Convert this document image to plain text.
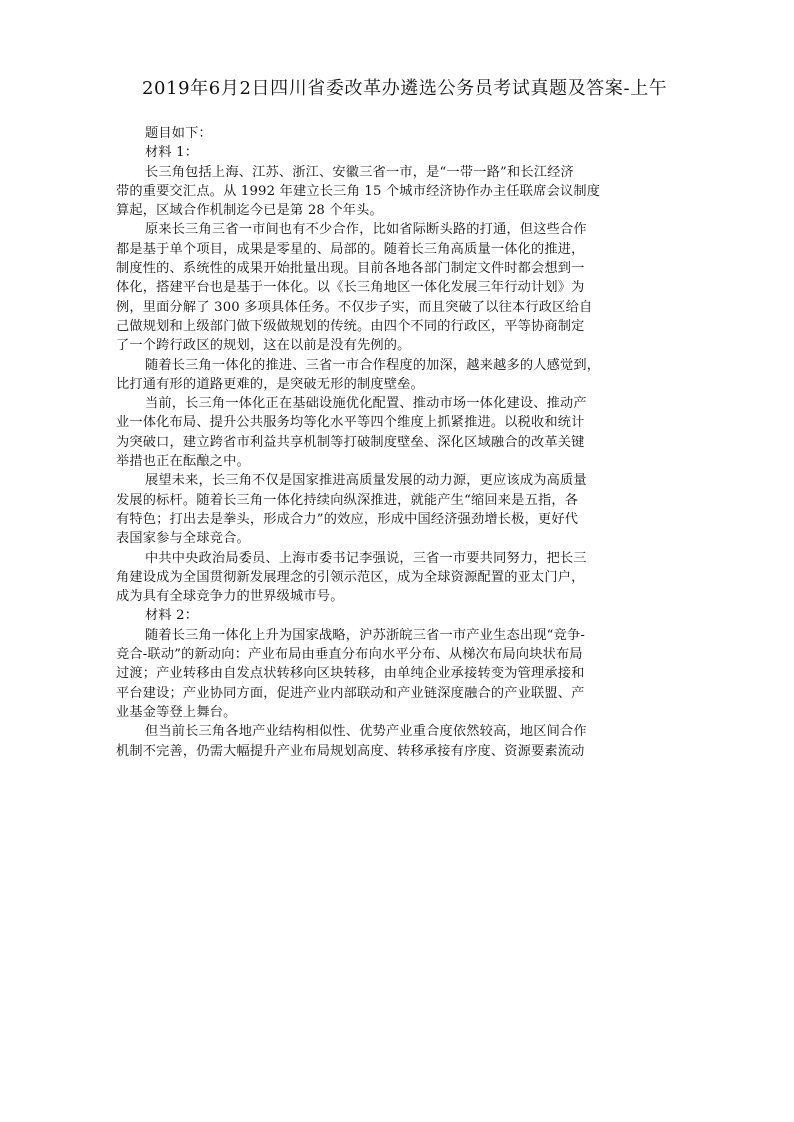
2019年6月2日四川省委改革办遴选公务员考试真题及答案-上午
题目如下：
材料 1：
长三角包括上海、江苏、浙江、安徽三省一市，是“一带一路”和长江经济
带的重要交汇点。从 1992 年建立长三角 15 个城市经济协作办主任联席会议制度
算起，区域合作机制迄今已是第 28 个年头。
原来长三角三省一市间也有不少合作，比如省际断头路的打通，但这些合作
都是基于单个项目，成果是零星的、局部的。随着长三角高质量一体化的推进，
制度性的、系统性的成果开始批量出现。目前各地各部门制定文件时都会想到一
体化，搭建平台也是基于一体化。以《长三角地区一体化发展三年行动计划》为
例，里面分解了 300 多项具体任务。不仅步子实，而且突破了以往本行政区给自
己做规划和上级部门做下级做规划的传统。由四个不同的行政区，平等协商制定
了一个跨行政区的规划，这在以前是没有先例的。
随着长三角一体化的推进、三省一市合作程度的加深，越来越多的人感觉到，
比打通有形的道路更难的，是突破无形的制度壁垒。
当前，长三角一体化正在基础设施优化配置、推动市场一体化建设、推动产
业一体化布局、提升公共服务均等化水平等四个维度上抓紧推进。以税收和统计
为突破口，建立跨省市利益共享机制等打破制度壁垒、深化区域融合的改革关键
举措也正在酝酿之中。
展望未来，长三角不仅是国家推进高质量发展的动力源，更应该成为高质量
发展的标杆。随着长三角一体化持续向纵深推进，就能产生“缩回来是五指，各
有特色；打出去是拳头，形成合力”的效应，形成中国经济强劲增长极，更好代
表国家参与全球竞合。
中共中央政治局委员、上海市委书记李强说，三省一市要共同努力，把长三
角建设成为全国贯彻新发展理念的引领示范区，成为全球资源配置的亚太门户，
成为具有全球竞争力的世界级城市号。
材料 2：
随着长三角一体化上升为国家战略，沪苏浙皖三省一市产业生态出现“竞争-
竞合-联动”的新动向：产业布局由垂直分布向水平分布、从梯次布局向块状布局
过渡；产业转移由自发点状转移向区块转移，由单纯企业承接转变为管理承接和
平台建设；产业协同方面，促进产业内部联动和产业链深度融合的产业联盟、产
业基金等登上舞台。
但当前长三角各地产业结构相似性、优势产业重合度依然较高，地区间合作
机制不完善，仍需大幅提升产业布局规划高度、转移承接有序度、资源要素流动
